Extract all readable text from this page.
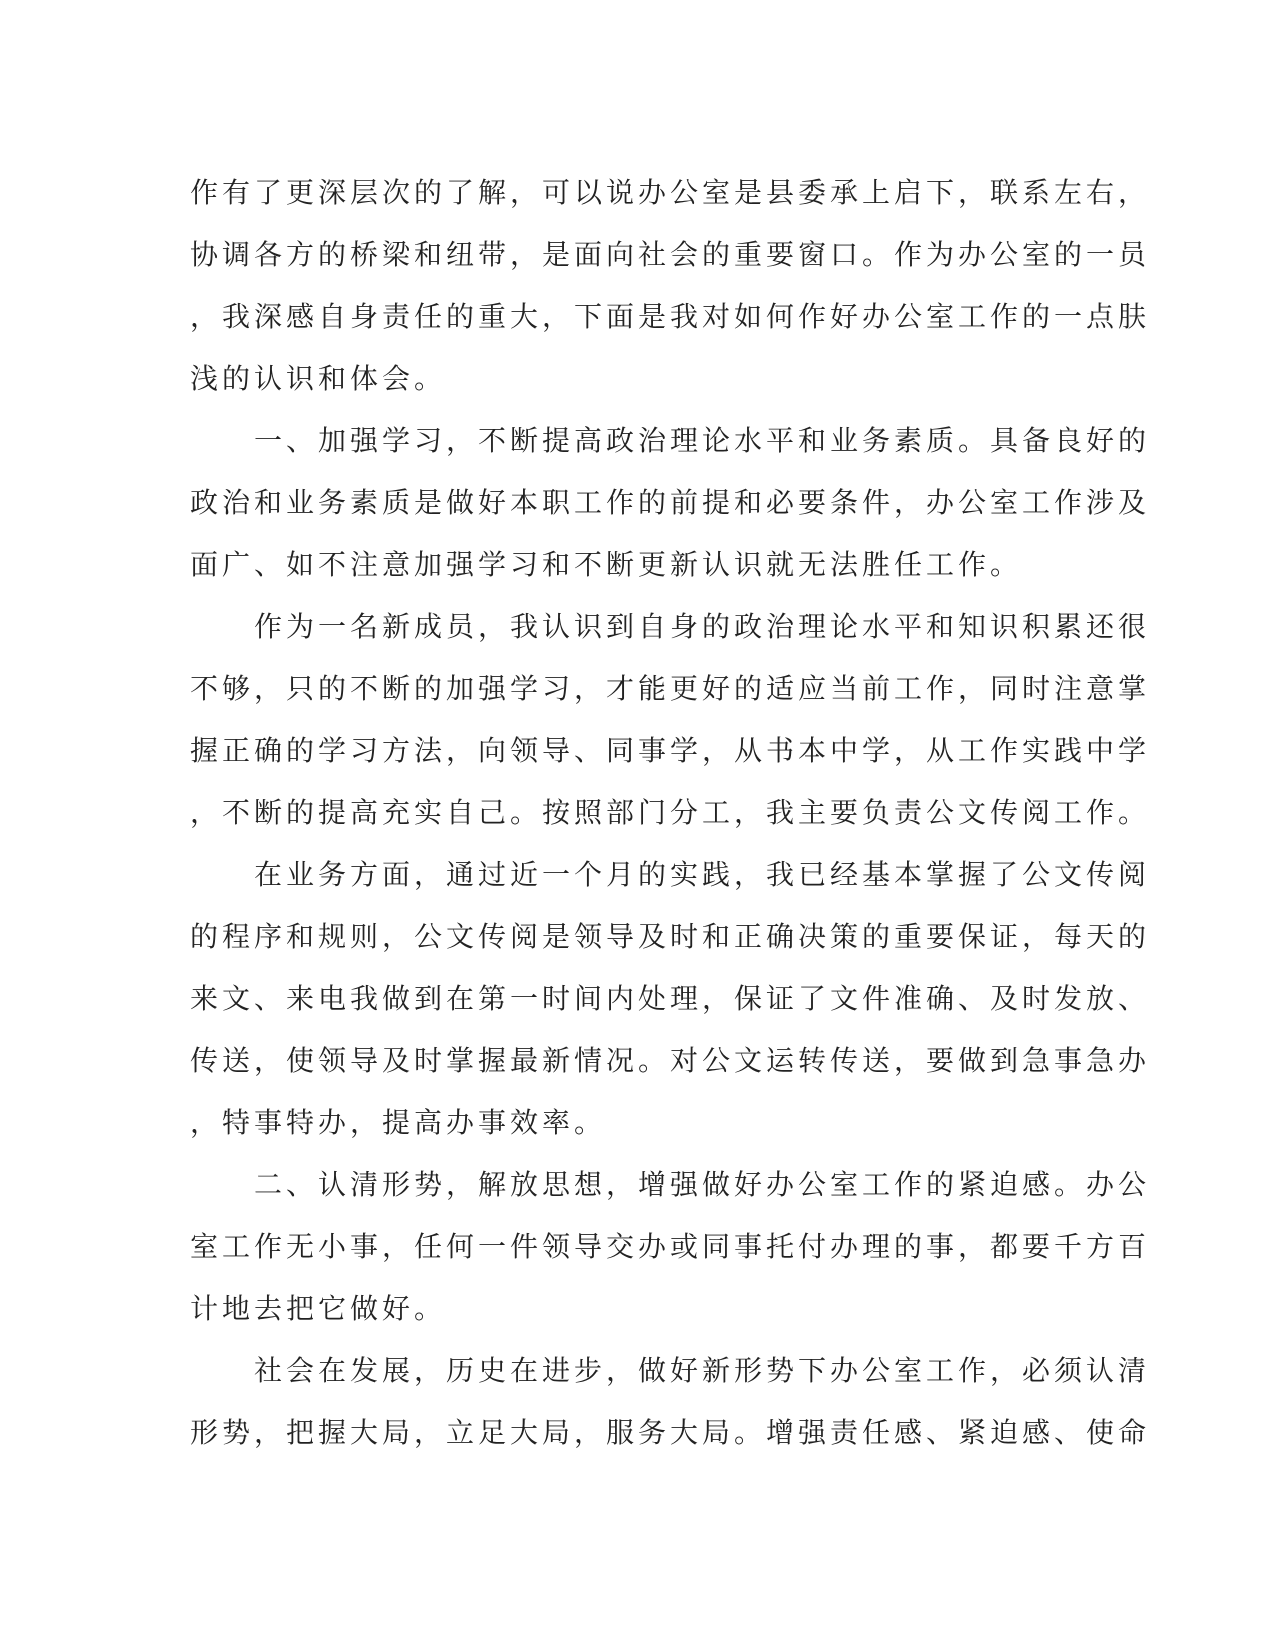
作有了更深层次的了解，可以说办公室是县委承上启下，联系左右，
协调各方的桥梁和纽带，是面向社会的重要窗口。作为办公室的一员
，我深感自身责任的重大，下面是我对如何作好办公室工作的一点肤
浅的认识和体会。
　　一、加强学习，不断提高政治理论水平和业务素质。具备良好的
政治和业务素质是做好本职工作的前提和必要条件，办公室工作涉及
面广、如不注意加强学习和不断更新认识就无法胜任工作。
　　作为一名新成员，我认识到自身的政治理论水平和知识积累还很
不够，只的不断的加强学习，才能更好的适应当前工作，同时注意掌
握正确的学习方法，向领导、同事学，从书本中学，从工作实践中学
，不断的提高充实自己。按照部门分工，我主要负责公文传阅工作。
　　在业务方面，通过近一个月的实践，我已经基本掌握了公文传阅
的程序和规则，公文传阅是领导及时和正确决策的重要保证，每天的
来文、来电我做到在第一时间内处理，保证了文件准确、及时发放、
传送，使领导及时掌握最新情况。对公文运转传送，要做到急事急办
，特事特办，提高办事效率。
　　二、认清形势，解放思想，增强做好办公室工作的紧迫感。办公
室工作无小事，任何一件领导交办或同事托付办理的事，都要千方百
计地去把它做好。
　　社会在发展，历史在进步，做好新形势下办公室工作，必须认清
形势，把握大局，立足大局，服务大局。增强责任感、紧迫感、使命
